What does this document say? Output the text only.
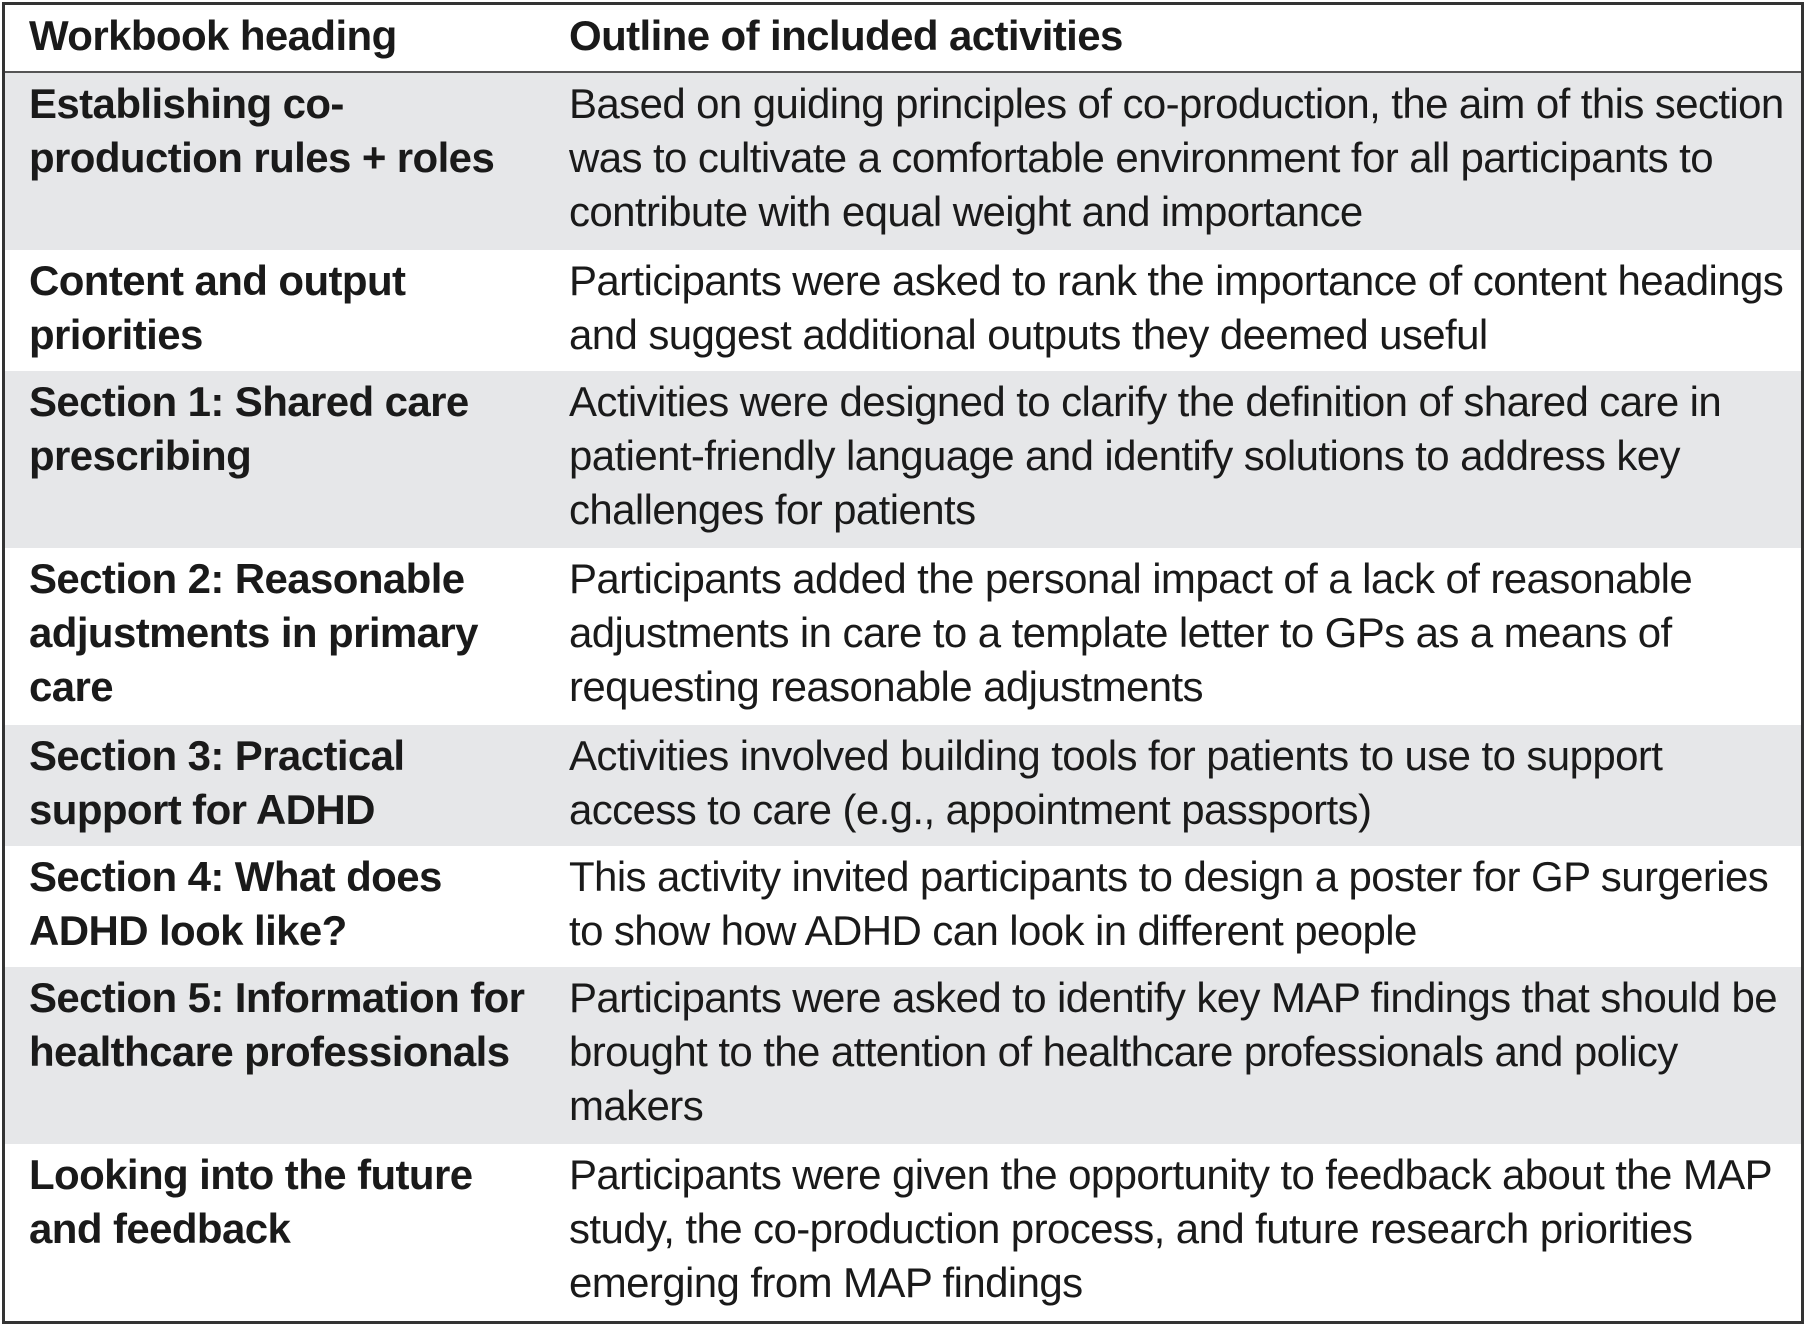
Workbook heading	Outline of included activities
Establishing co-production rules + roles	Based on guiding principles of co-production, the aim of this section was to cultivate a comfortable environment for all participants to contribute with equal weight and importance
Content and output priorities	Participants were asked to rank the importance of content headings and suggest additional outputs they deemed useful
Section 1: Shared care prescribing	Activities were designed to clarify the definition of shared care in patient-friendly language and identify solutions to address key challenges for patients
Section 2: Reasonable adjustments in primary care	Participants added the personal impact of a lack of reasonable adjustments in care to a template letter to GPs as a means of requesting reasonable adjustments
Section 3: Practical support for ADHD	Activities involved building tools for patients to use to support access to care (e.g., appointment passports)
Section 4: What does ADHD look like?	This activity invited participants to design a poster for GP surgeries to show how ADHD can look in different people
Section 5: Information for healthcare professionals	Participants were asked to identify key MAP findings that should be brought to the attention of healthcare professionals and policy makers
Looking into the future and feedback	Participants were given the opportunity to feedback about the MAP study, the co-production process, and future research priorities emerging from MAP findings
